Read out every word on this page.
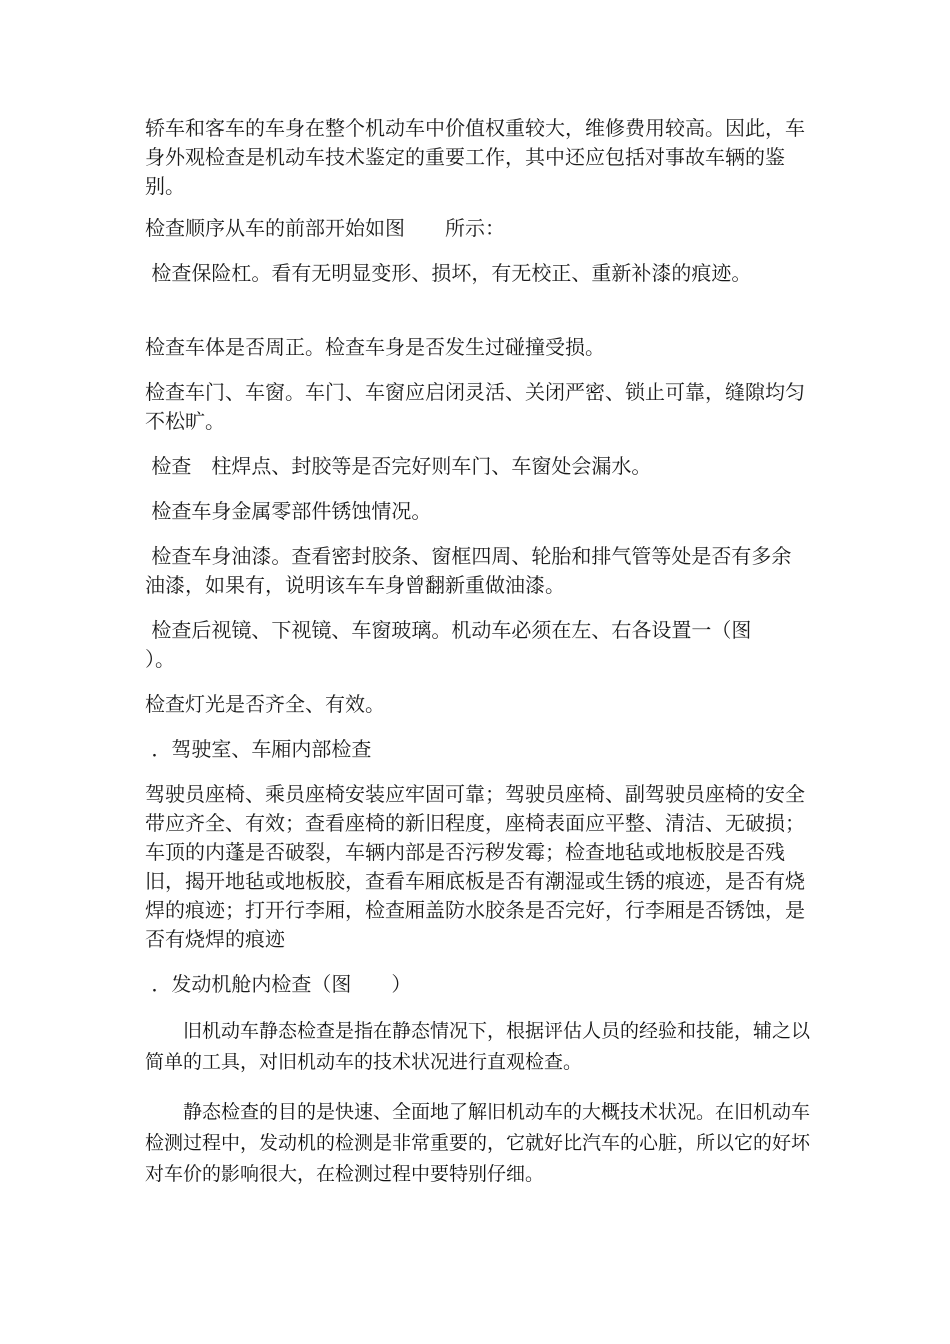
轿车和客车的车身在整个机动车中价值权重较大，维修费用较高。因此，车身外观检查是机动车技术鉴定的重要工作，其中还应包括对事故车辆的鉴别。

检查顺序从车的前部开始如图　　所示：

检查保险杠。看有无明显变形、损坏，有无校正、重新补漆的痕迹。

检查车体是否周正。检查车身是否发生过碰撞受损。

检查车门、车窗。车门、车窗应启闭灵活、关闭严密、锁止可靠，缝隙均匀不松旷。

检查　柱焊点、封胶等是否完好则车门、车窗处会漏水。

检查车身金属零部件锈蚀情况。

检查车身油漆。查看密封胶条、窗框四周、轮胎和排气管等处是否有多余油漆，如果有，说明该车车身曾翻新重做油漆。

检查后视镜、下视镜、车窗玻璃。机动车必须在左、右各设置一（图　　）。

检查灯光是否齐全、有效。

．驾驶室、车厢内部检查

驾驶员座椅、乘员座椅安装应牢固可靠；驾驶员座椅、副驾驶员座椅的安全带应齐全、有效；查看座椅的新旧程度，座椅表面应平整、清洁、无破损；车顶的内蓬是否破裂，车辆内部是否污秽发霉；检查地毡或地板胶是否残旧，揭开地毡或地板胶，查看车厢底板是否有潮湿或生锈的痕迹，是否有烧焊的痕迹；打开行李厢，检查厢盖防水胶条是否完好，行李厢是否锈蚀，是否有烧焊的痕迹

．发动机舱内检查（图　　）

　　旧机动车静态检查是指在静态情况下，根据评估人员的经验和技能，辅之以简单的工具，对旧机动车的技术状况进行直观检查。

　　静态检查的目的是快速、全面地了解旧机动车的大概技术状况。在旧机动车检测过程中，发动机的检测是非常重要的，它就好比汽车的心脏，所以它的好坏对车价的影响很大，在检测过程中要特别仔细。
